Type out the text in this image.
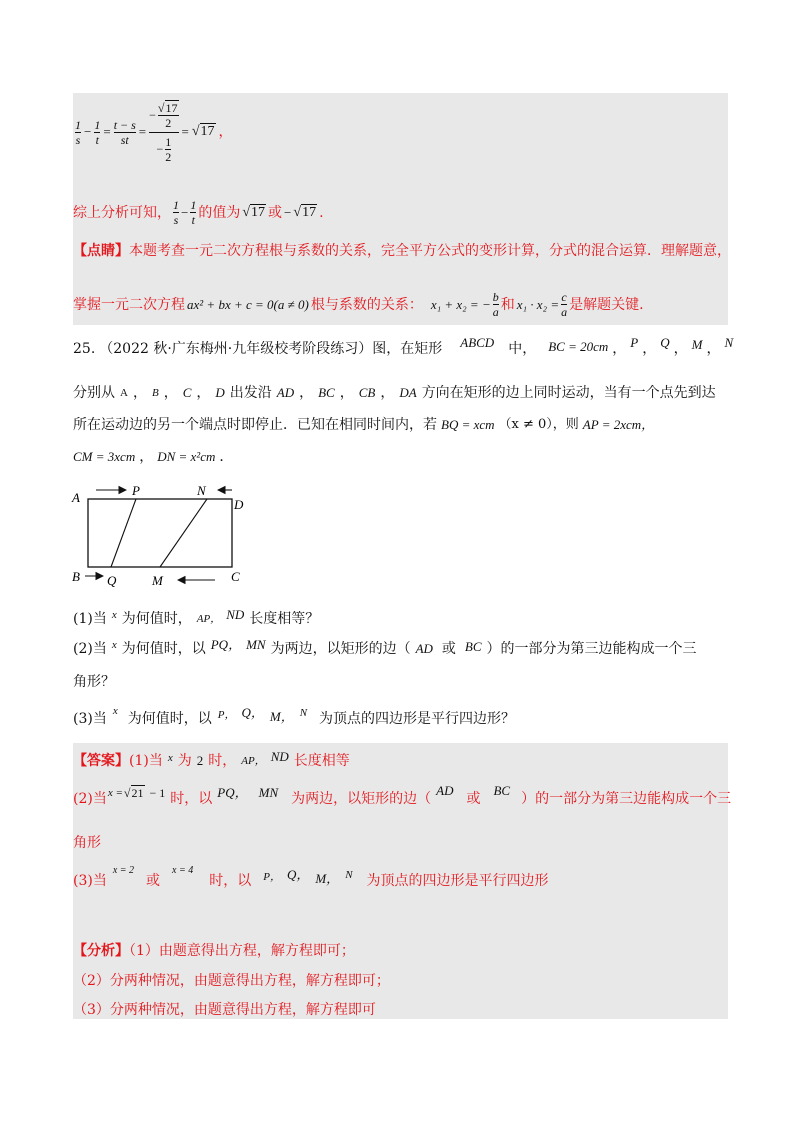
$\frac{1}{s} - \frac{1}{t} = \frac{t - s}{st} = \frac{- \frac{√17}{2}}{- \frac{1}{2}} = √17$ ，
综上分析可知， $\frac{1}{s} - \frac{1}{t}$ 的值为 √17 或 − √17 .
【点睛】本题考查一元二次方程根与系数的关系，完全平方公式的变形计算，分式的混合运算．理解题意，
掌握一元二次方程 ax² + bx + c = 0(a ≠ 0) 根与系数的关系： x₁ + x₂ = − $\frac{b}{a}$ 和 $x_1 \cdot x_2 = \frac{c}{a}$ 是解题关键.
25. （2022 秋·广东梅州·九年级校考阶段练习）图，在矩形 ABCD 中， BC = 20cm ， P ， Q ， M ， N
分别从 A ， B ， C ， D 出发沿 AD ， BC ， CB ， DA 方向在矩形的边上同时运动，当有一个点先到达
所在运动边的另一个端点时即停止．已知在相同时间内，若 BQ = xcm （x ≠ 0），则 AP = 2xcm，
CM = 3xcm ， DN = x²cm ．
A	P	N
D
B Q	M	C
(1)当 x 为何值时， AP， ND 长度相等？
(2)当 x 为何值时，以 PQ， MN 为两边，以矩形的边（ AD 或 BC ）的一部分为第三边能构成一个三
角形？
(3)当 x 为何值时，以 P， Q， M， N 为顶点的四边形是平行四边形？
【答案】 (1)当 x 为 2 时， AP， ND 长度相等
(2)当 x = √21 − 1 时，以 PQ， MN 为两边，以矩形的边（
AD
或
BC
）的一部分为第三边能构成一个三
角形
(3)当
x = 2
或
x = 4
时，以 P， Q， M， N 为顶点的四边形是平行四边形
【分析】（1）由题意得出方程，解方程即可；
（2）分两种情况，由题意得出方程，解方程即可；
（3）分两种情况，由题意得出方程，解方程即可
